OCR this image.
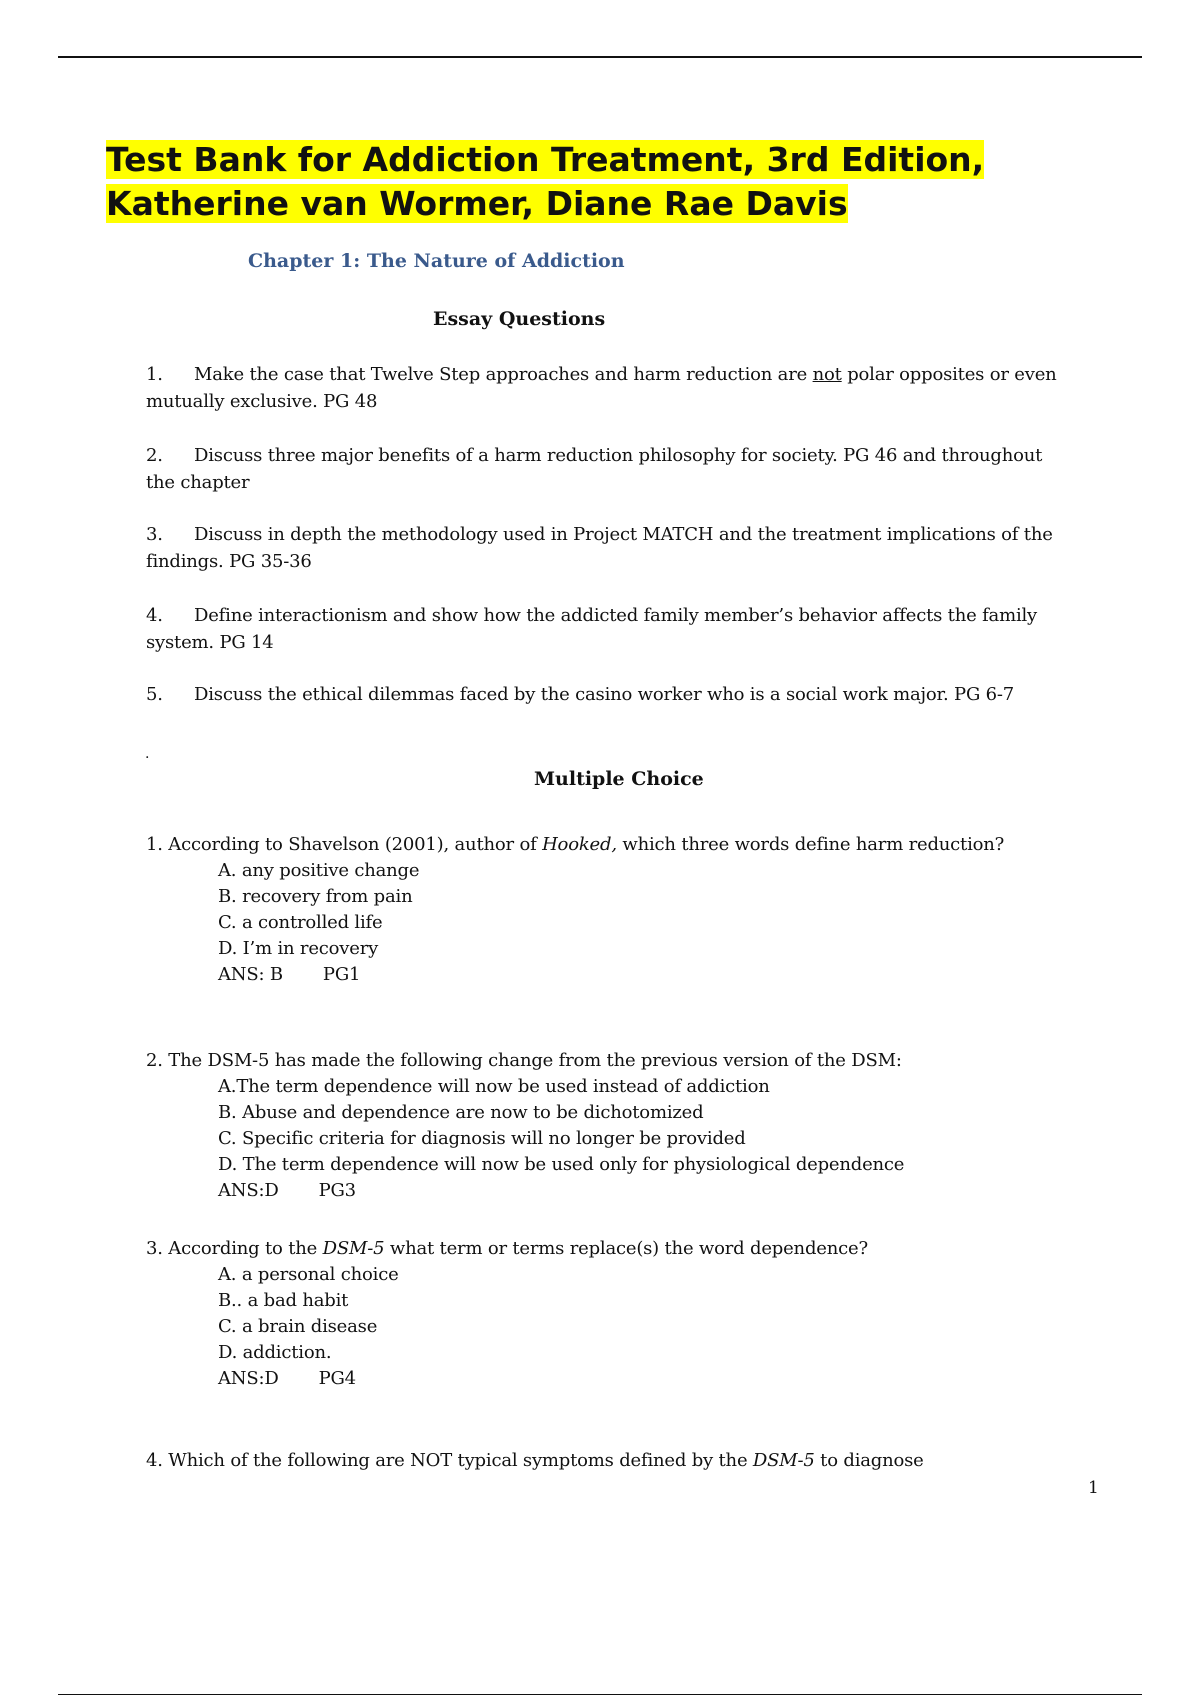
Test Bank for Addiction Treatment, 3rd Edition, Katherine van Wormer, Diane Rae Davis
Chapter 1: The Nature of Addiction
Essay Questions
1. Make the case that Twelve Step approaches and harm reduction are not polar opposites or even mutually exclusive. PG 48
2. Discuss three major benefits of a harm reduction philosophy for society. PG 46 and throughout the chapter
3. Discuss in depth the methodology used in Project MATCH and the treatment implications of the findings. PG 35-36
4. Define interactionism and show how the addicted family member’s behavior affects the family system. PG 14
5. Discuss the ethical dilemmas faced by the casino worker who is a social work major. PG 6-7
.
Multiple Choice
1. According to Shavelson (2001), author of Hooked, which three words define harm reduction?
A. any positive change
B. recovery from pain
C. a controlled life
D. I’m in recovery
ANS: B PG1
2. The DSM-5 has made the following change from the previous version of the DSM:
A.The term dependence will now be used instead of addiction
B. Abuse and dependence are now to be dichotomized
C. Specific criteria for diagnosis will no longer be provided
D. The term dependence will now be used only for physiological dependence
ANS:D PG3
3. According to the DSM-5 what term or terms replace(s) the word dependence?
A. a personal choice
B.. a bad habit
C. a brain disease
D. addiction.
ANS:D PG4
4. Which of the following are NOT typical symptoms defined by the DSM-5 to diagnose
1
